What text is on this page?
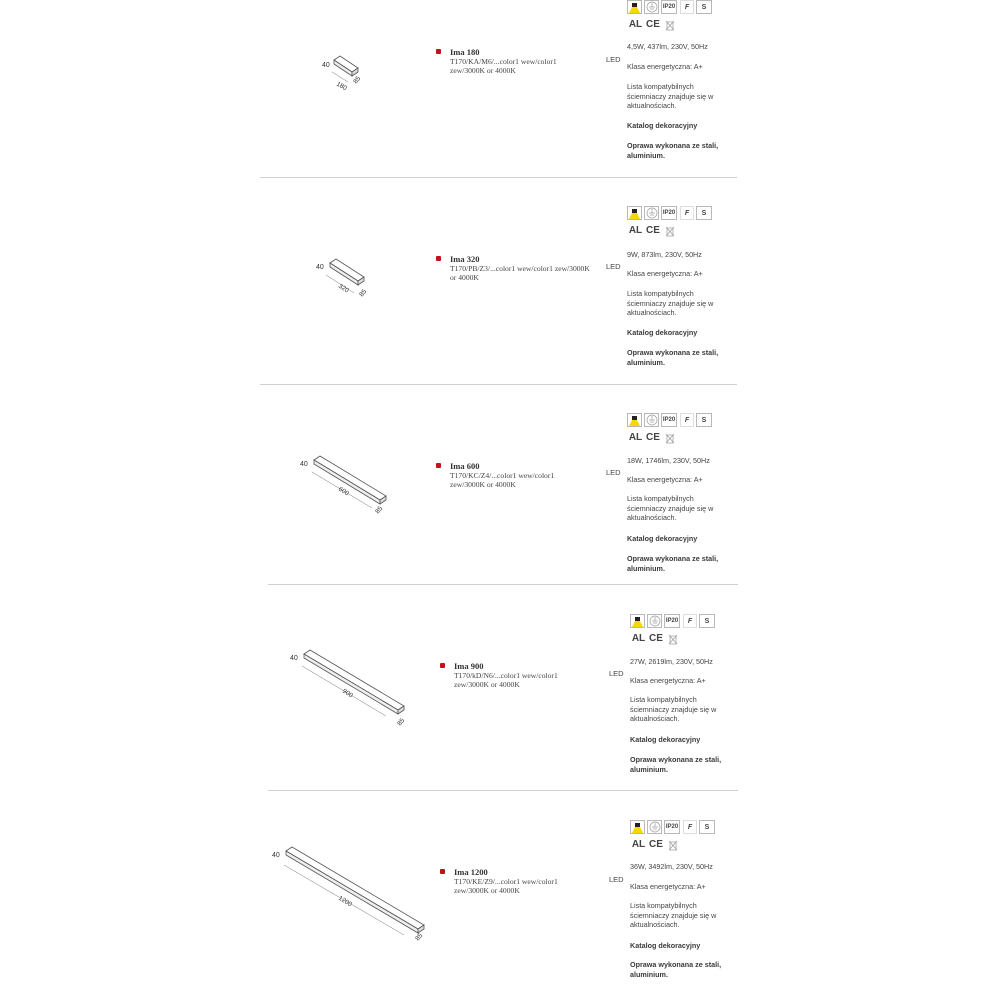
40
180
85
Ima 180
T170/KA/M6/...color1 wew/color1 zew/3000K or 4000K
LED
IP20	F	S
AL CE
4,5W, 437lm, 230V, 50Hz
Klasa energetyczna: A+
Lista kompatybilnych ściemniaczy znajduje się w aktualnościach.
Katalog dekoracyjny
Oprawa wykonana ze stali, aluminium.
40
320 85
Ima 320
T170/PB/Z3/...color1 wew/color1 zew/3000K or 4000K
LED
IP20	F	S
AL CE
9W, 873lm, 230V, 50Hz
Klasa energetyczna: A+
Lista kompatybilnych ściemniaczy znajduje się w aktualnościach.
Katalog dekoracyjny
Oprawa wykonana ze stali, aluminium.
40
600
85
Ima 600
T170/KC/Z4/...color1 wew/color1 zew/3000K or 4000K
LED
IP20	F	S
AL CE
18W, 1746lm, 230V, 50Hz
Klasa energetyczna: A+
Lista kompatybilnych ściemniaczy znajduje się w aktualnościach.
Katalog dekoracyjny
Oprawa wykonana ze stali, aluminium.
40
900
85
Ima 900
T170/kD/N6/...color1 wew/color1 zew/3000K or 4000K
LED
IP20	F	S
AL CE
27W, 2619lm, 230V, 50Hz
Klasa energetyczna: A+
Lista kompatybilnych ściemniaczy znajduje się w aktualnościach.
Katalog dekoracyjny
Oprawa wykonana ze stali, aluminium.
40
1200
85
Ima 1200
T170/KE/Z9/...color1 wew/color1 zew/3000K or 4000K
LED
IP20	F	S
AL CE
36W, 3492lm, 230V, 50Hz
Klasa energetyczna: A+
Lista kompatybilnych ściemniaczy znajduje się w aktualnościach.
Katalog dekoracyjny
Oprawa wykonana ze stali, aluminium.
